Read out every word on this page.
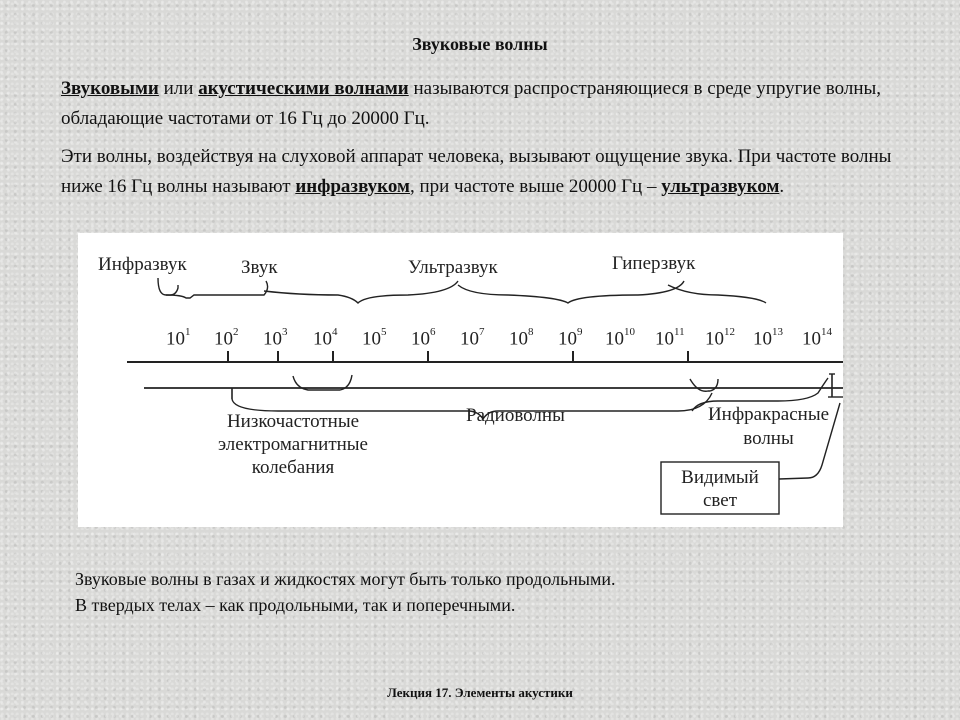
Звуковые волны
Звуковыми или акустическими волнами называются распространяющиеся в среде упругие волны, обладающие частотами от 16 Гц до 20000 Гц.
Эти волны, воздействуя на слуховой аппарат человека, вызывают ощущение звука. При частоте волны ниже 16 Гц волны называют инфразвуком, при частоте выше 20000 Гц – ультразвуком.
Инфразвук	Звук	Ультразвук	Гиперзвук
$10^1$ $10^2$ $10^3$ $10^4$ $10^5$ $10^6$ $10^7$ $10^8$ $10^9$ $10^{10}$ $10^{11}$ $10^{12}$ $10^{13}$ $10^{14}$
Низкочастотные
электромагнитные
колебания
Радиоволны	Инфракрасные
волны
Видимый
свет
Звуковые волны в газах и жидкостях могут быть только продольными.
В твердых телах – как продольными, так и поперечными.
Лекция 17. Элементы акустики
